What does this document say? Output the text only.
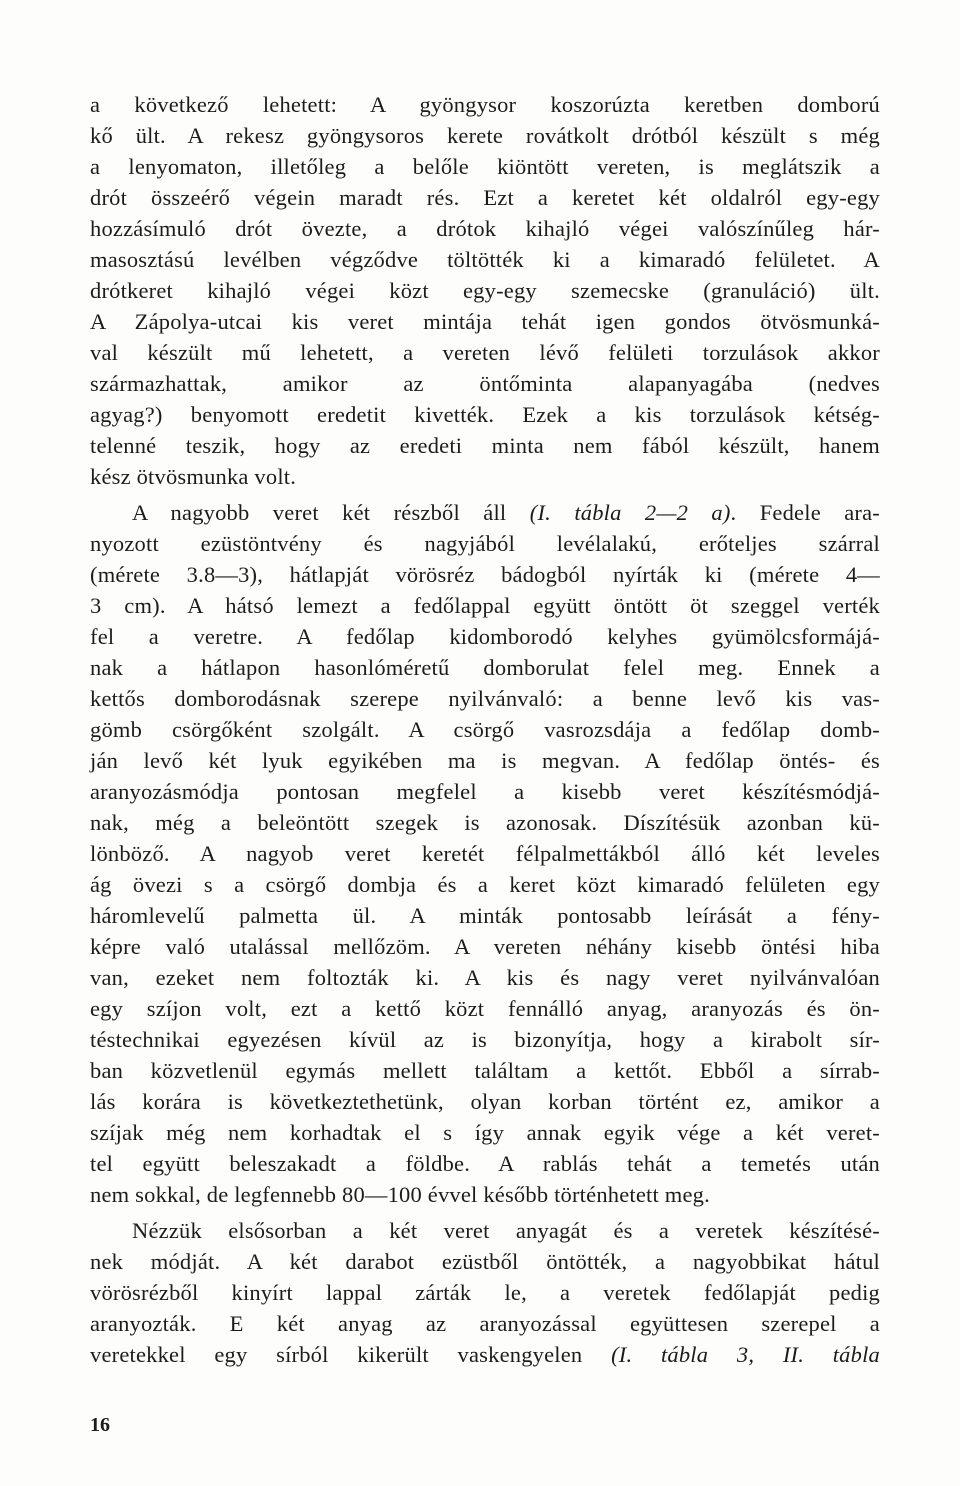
a következő lehetett: A gyöngysor koszorúzta keretben domború
kő ült. A rekesz gyöngysoros kerete rovátkolt drótból készült s még
a lenyomaton, illetőleg a belőle kiöntött vereten, is meglátszik a
drót összeérő végein maradt rés. Ezt a keretet két oldalról egy-egy
hozzásímuló drót övezte, a drótok kihajló végei valószínűleg hár-
masosztású levélben végződve töltötték ki a kimaradó felületet. A
drótkeret kihajló végei közt egy-egy szemecske (granuláció) ült.
A Zápolya-utcai kis veret mintája tehát igen gondos ötvösmunká-
val készült mű lehetett, a vereten lévő felületi torzulások akkor
származhattak, amikor az öntőminta alapanyagába (nedves
agyag?) benyomott eredetit kivették. Ezek a kis torzulások kétség-
telenné teszik, hogy az eredeti minta nem fából készült, hanem
kész ötvösmunka volt.
A nagyobb veret két részből áll (I. tábla 2—2 a). Fedele ara-
nyozott ezüstöntvény és nagyjából levélalakú, erőteljes szárral
(mérete 3.8—3), hátlapját vörösréz bádogból nyírták ki (mérete 4—
3 cm). A hátsó lemezt a fedőlappal együtt öntött öt szeggel verték
fel a veretre. A fedőlap kidomborodó kelyhes gyümölcsformájá-
nak a hátlapon hasonlóméretű domborulat felel meg. Ennek a
kettős domborodásnak szerepe nyilvánvaló: a benne levő kis vas-
gömb csörgőként szolgált. A csörgő vasrozsdája a fedőlap domb-
ján levő két lyuk egyikében ma is megvan. A fedőlap öntés- és
aranyozásmódja pontosan megfelel a kisebb veret készítésmódjá-
nak, még a beleöntött szegek is azonosak. Díszítésük azonban kü-
lönböző. A nagyob veret keretét félpalmettákból álló két leveles
ág övezi s a csörgő dombja és a keret közt kimaradó felületen egy
háromlevelű palmetta ül. A minták pontosabb leírását a fény-
képre való utalással mellőzöm. A vereten néhány kisebb öntési hiba
van, ezeket nem foltozták ki. A kis és nagy veret nyilvánvalóan
egy szíjon volt, ezt a kettő közt fennálló anyag, aranyozás és ön-
téstechnikai egyezésen kívül az is bizonyítja, hogy a kirabolt sír-
ban közvetlenül egymás mellett találtam a kettőt. Ebből a sírrab-
lás korára is következtethetünk, olyan korban történt ez, amikor a
szíjak még nem korhadtak el s így annak egyik vége a két veret-
tel együtt beleszakadt a földbe. A rablás tehát a temetés után
nem sokkal, de legfennebb 80—100 évvel később történhetett meg.
Nézzük elsősorban a két veret anyagát és a veretek készítésé-
nek módját. A két darabot ezüstből öntötték, a nagyobbikat hátul
vörösrézből kinyírt lappal zárták le, a veretek fedőlapját pedig
aranyozták. E két anyag az aranyozással együttesen szerepel a
veretekkel egy sírból kikerült vaskengyelen (I. tábla 3, II. tábla
16
